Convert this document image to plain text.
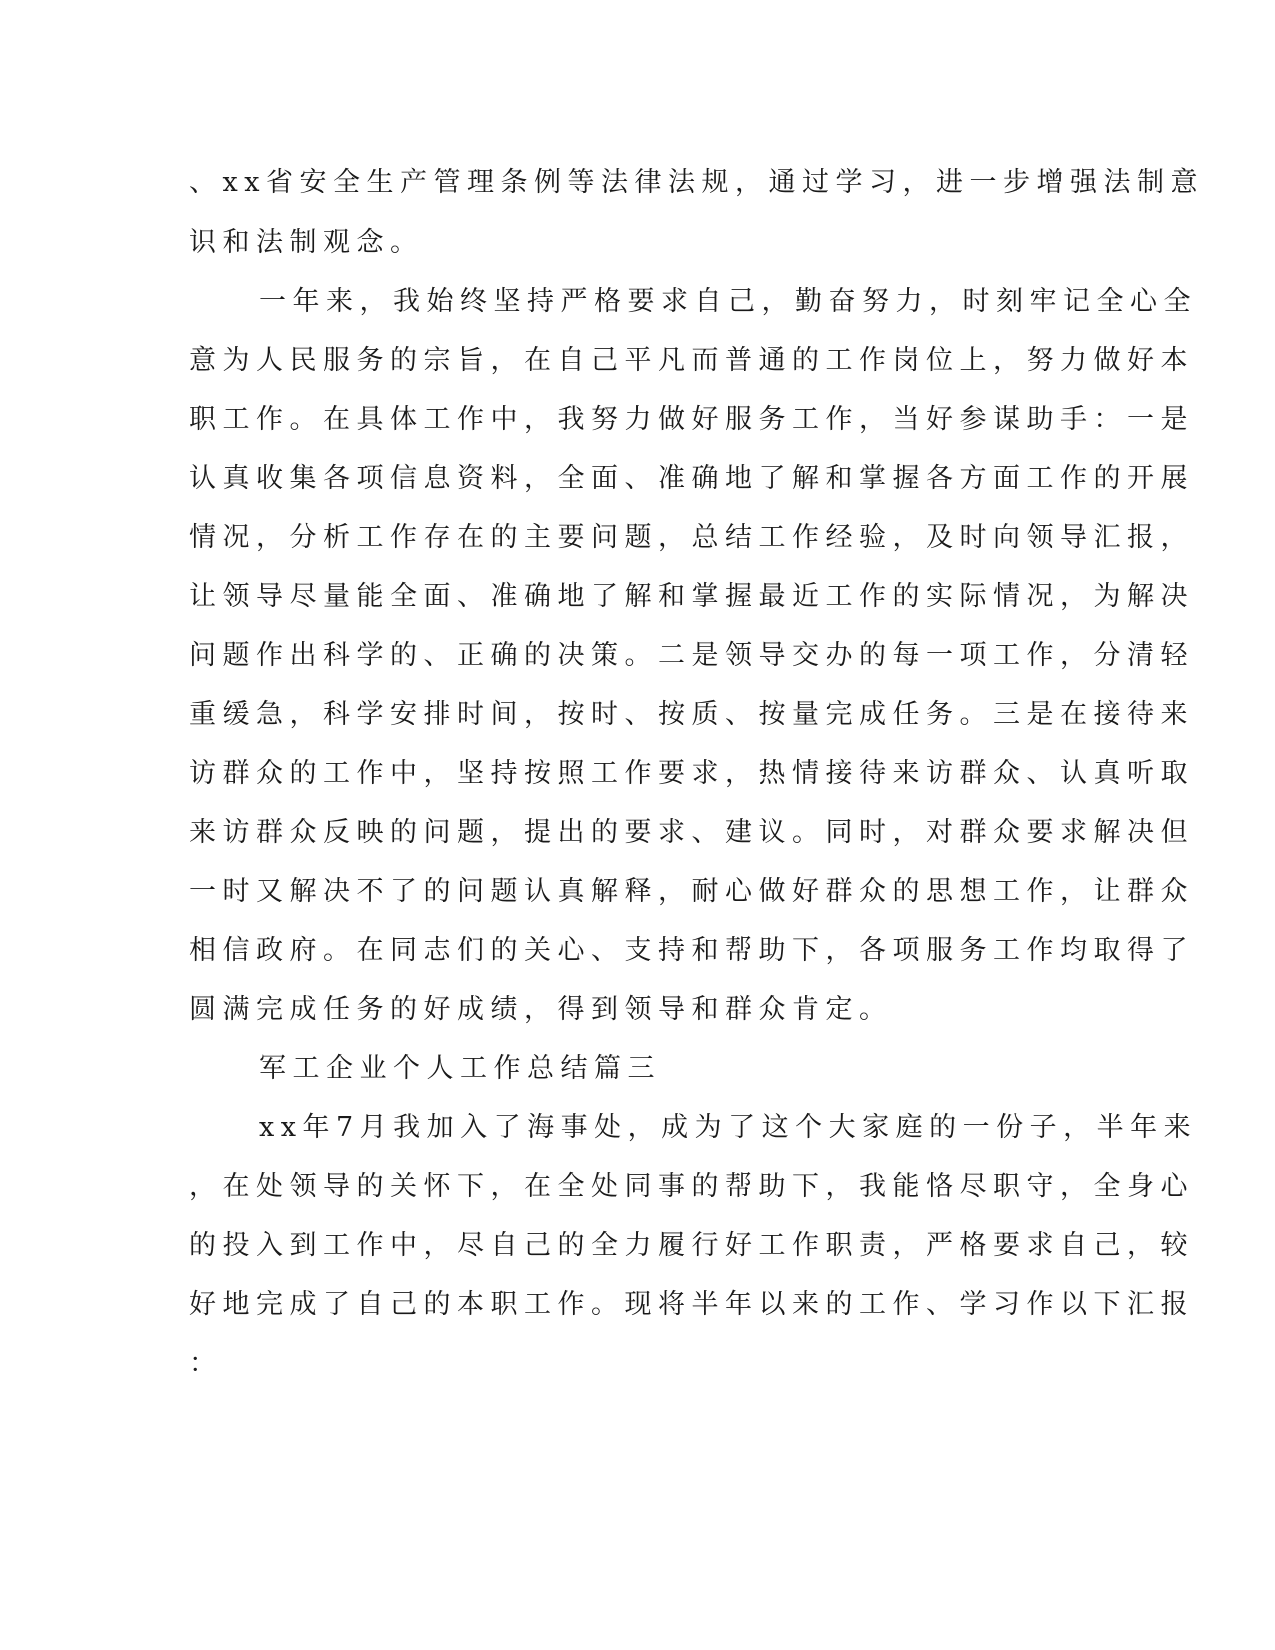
、xx省安全生产管理条例等法律法规，通过学习，进一步增强法制意
识和法制观念。
一年来，我始终坚持严格要求自己，勤奋努力，时刻牢记全心全
意为人民服务的宗旨，在自己平凡而普通的工作岗位上，努力做好本
职工作。在具体工作中，我努力做好服务工作，当好参谋助手：一是
认真收集各项信息资料，全面、准确地了解和掌握各方面工作的开展
情况，分析工作存在的主要问题，总结工作经验，及时向领导汇报，
让领导尽量能全面、准确地了解和掌握最近工作的实际情况，为解决
问题作出科学的、正确的决策。二是领导交办的每一项工作，分清轻
重缓急，科学安排时间，按时、按质、按量完成任务。三是在接待来
访群众的工作中，坚持按照工作要求，热情接待来访群众、认真听取
来访群众反映的问题，提出的要求、建议。同时，对群众要求解决但
一时又解决不了的问题认真解释，耐心做好群众的思想工作，让群众
相信政府。在同志们的关心、支持和帮助下，各项服务工作均取得了
圆满完成任务的好成绩，得到领导和群众肯定。
军工企业个人工作总结篇三
xx年7月我加入了海事处，成为了这个大家庭的一份子，半年来
，在处领导的关怀下，在全处同事的帮助下，我能恪尽职守，全身心
的投入到工作中，尽自己的全力履行好工作职责，严格要求自己，较
好地完成了自己的本职工作。现将半年以来的工作、学习作以下汇报
：
